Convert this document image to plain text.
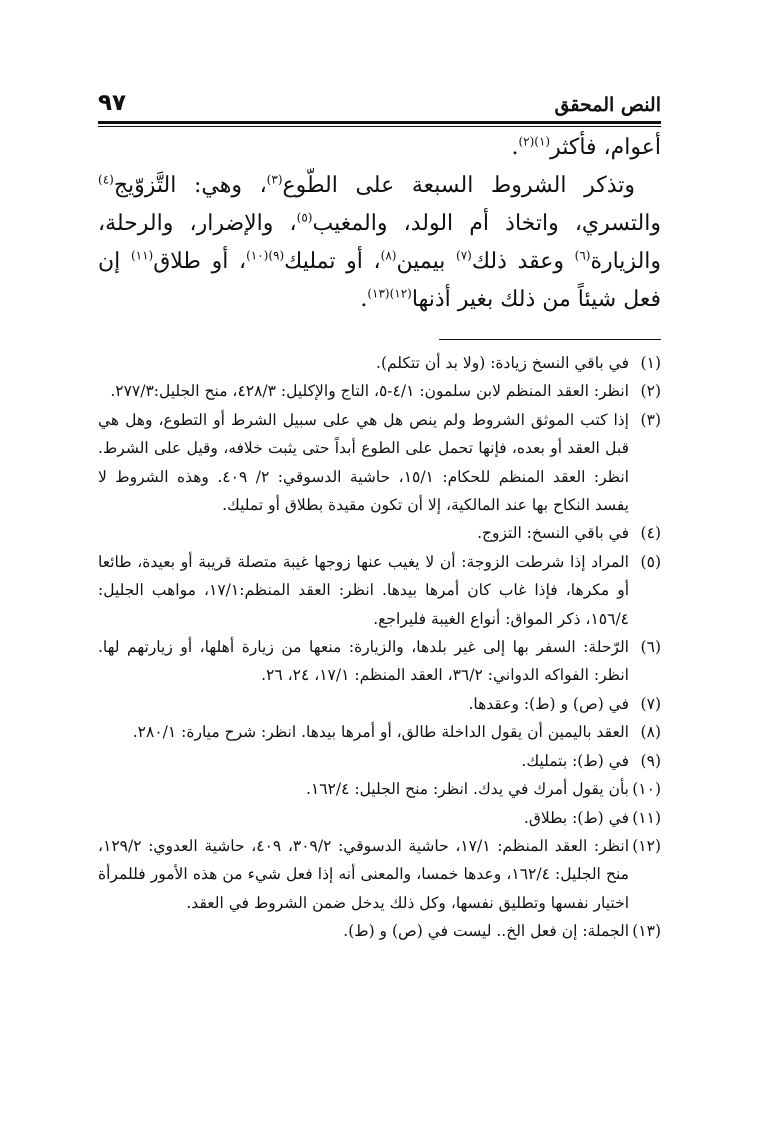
النص المحقق
٩٧

أعوام، فأكثر$^{(١)(٢)}$.

وتذكر الشروط السبعة على الطّوع$^{(٣)}$، وهي: التَّزوّيج$^{(٤)}$ والتسري، واتخاذ أم الولد، والمغيب$^{(٥)}$، والإضرار، والرحلة، والزيارة$^{(٦)}$ وعقد ذلك$^{(٧)}$ بيمين$^{(٨)}$، أو تمليك$^{(٩)(١٠)}$، أو طلاق$^{(١١)}$ إن فعل شيئاً من ذلك بغير أذنها$^{(١٢)(١٣)}$.

(١)
في باقي النسخ زيادة: (ولا بد أن تتكلم).

(٢)
انظر: العقد المنظم لابن سلمون: ٤/١-٥، التاج والإكليل: ٤٢٨/٣، منح الجليل:٢٧٧/٣.

(٣)
إذا كتب الموثق الشروط ولم ينص هل هي على سبيل الشرط أو التطوع، وهل هي قبل العقد أو بعده، فإنها تحمل على الطوع أبداً حتى يثبت خلافه، وقيل على الشرط. انظر: العقد المنظم للحكام: ١٥/١، حاشية الدسوقي: ٢/ ٤٠٩. وهذه الشروط لا يفسد النكاح بها عند المالكية، إلا أن تكون مقيدة بطلاق أو تمليك.

(٤)
في باقي النسخ: التزوج.

(٥)
المراد إذا شرطت الزوجة: أن لا يغيب عنها زوجها غيبة متصلة قريبة أو بعيدة، طائعا أو مكرها، فإذا غاب كان أمرها بيدها. انظر: العقد المنظم:١٧/١، مواهب الجليل: ١٥٦/٤، ذكر المواق: أنواع الغيبة فليراجع.

(٦)
الرّحلة: السفر بها إلى غير بلدها، والزيارة: منعها من زيارة أهلها، أو زيارتهم لها. انظر: الفواكه الدواني: ٣٦/٢، العقد المنظم: ١٧/١، ٢٤، ٢٦.

(٧)
في (ص) و (ط): وعقدها.

(٨)
العقد باليمين أن يقول الداخلة طالق، أو أمرها بيدها. انظر: شرح ميارة: ٢٨٠/١.

(٩)
في (ط): بتمليك.

(١٠)
بأن يقول أمرك في يدك. انظر: منح الجليل: ١٦٢/٤.

(١١)
في (ط): بطلاق.

(١٢)
انظر: العقد المنظم: ١٧/١، حاشية الدسوقي: ٣٠٩/٢، ٤٠٩، حاشية العدوي: ١٢٩/٢، منح الجليل: ١٦٢/٤، وعدها خمسا، والمعنى أنه إذا فعل شيء من هذه الأمور فللمرأة اختيار نفسها وتطليق نفسها، وكل ذلك يدخل ضمن الشروط في العقد.

(١٣)
الجملة: إن فعل الخ.. ليست في (ص) و (ط).
